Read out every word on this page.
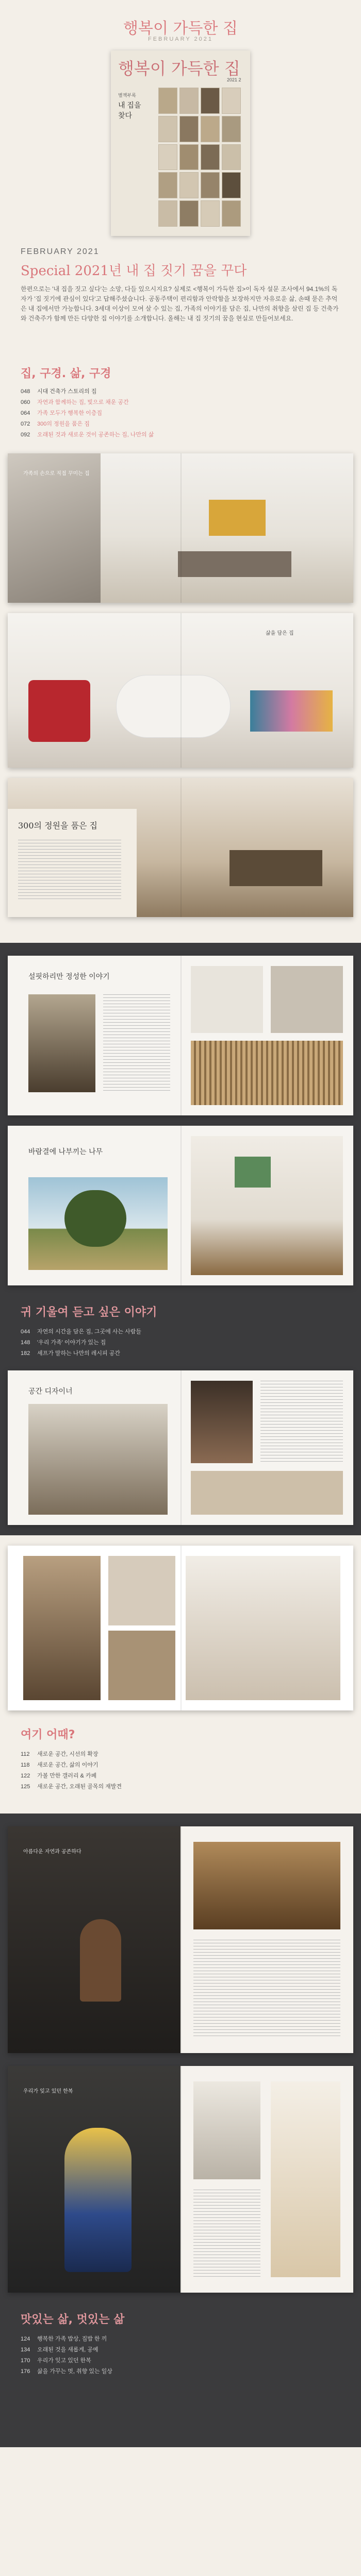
행복이 가득한 집
FEBRUARY 2021
행복이 가득한 집
2021 2
별책부록
내 집을
찾다
FEBRUARY 2021
Special 2021년 내 집 짓기 꿈을 꾸다
한편으로는 '내 집을 짓고 싶다'는 소망, 다들 있으시지요? 실제로 <행복이 가득한 집>이 독자 설문 조사에서 94.1%의 독자가 '집 짓기에 관심이 있다'고 답해주셨습니다. 공동주택이 편리함과 안락함을 보장하지만 자유로운 삶, 손때 묻은 추억은 내 집에서만 가능합니다. 3세대 이상이 모여 살 수 있는 집, 가족의 이야기를 담은 집, 나만의 취향을 살린 집 등 건축가와 건축주가 함께 만든 다양한 집 이야기를 소개합니다. 올해는 내 집 짓기의 꿈을 현실로 만들어보세요.
집, 구경. 삶, 구경
048	시대 건축가 스토리의 집
060	자연과 함께하는 집, 빛으로 채운 공간
064	가족 모두가 행복한 이층집
072	300의 정원을 품은 집
092	오래된 것과 새로운 것이 공존하는 집, 나만의 삶
가족의 손으로 직접 꾸미는 집
삶을 담은 집
300의 정원을 품은 집
설핏하리만 정성한 이야기
바람결에 나부끼는 나무
귀 기울여 듣고 싶은 이야기
044	자연의 시간을 담은 집, 그곳에 사는 사람들
148	'우리 가족' 이야기가 있는 집
182	셰프가 말하는 나만의 레시피 공간
공간 디자이너
여기 어때?
112	새로운 공간, 시선의 확장
118	새로운 공간, 삶의 이야기
122	가볼 만한 갤러리 & 카페
125	새로운 공간, 오래된 골목의 재발견
아름다운 자연과 공존하다
우리가 잊고 있던 한복
맛있는 삶, 멋있는 삶
124	행복한 가족 밥상, 집밥 한 끼
134	오래된 것을 새롭게, 공예
170	우리가 잊고 있던 한복
176	삶을 가꾸는 멋, 취향 있는 일상
